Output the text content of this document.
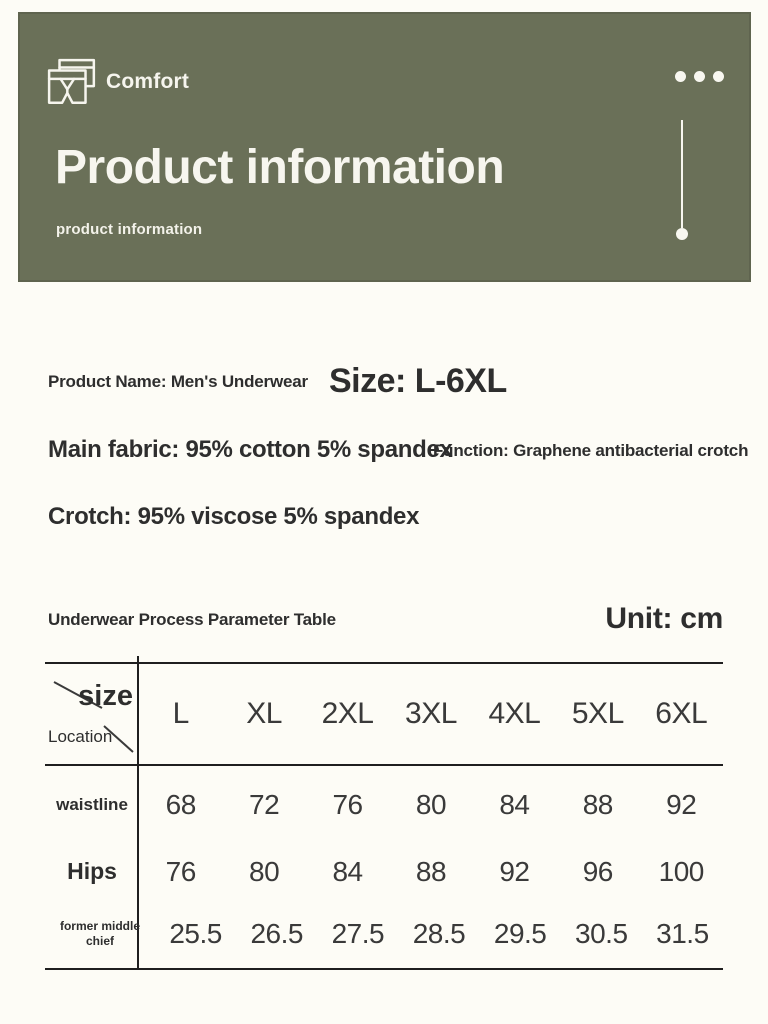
Comfort
Product information
product information
Product Name: Men's Underwear Size: L-6XL
Main fabric: 95% cotton 5% spandex
Function: Graphene antibacterial crotch
Crotch: 95% viscose 5% spandex
Underwear Process Parameter Table	Unit: cm
size
Location
L	XL	2XL	3XL	4XL	5XL	6XL
waistline	68	72	76	80	84	88	92
Hips	76	80	84	88	92	96	100
former middle chief	25.5	26.5	27.5	28.5	29.5	30.5	31.5
